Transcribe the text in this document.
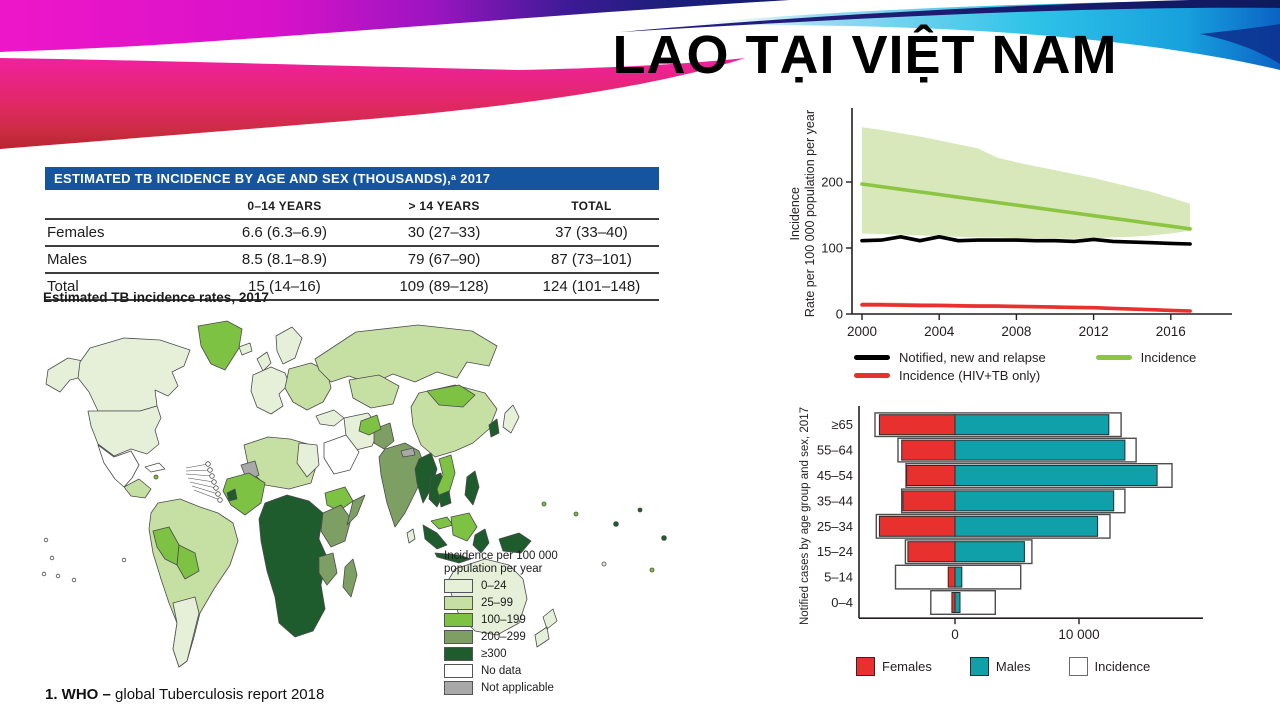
LAO TẠI VIỆT NAM
ESTIMATED TB INCIDENCE BY AGE AND SEX (THOUSANDS),ᵃ 2017
	0–14 YEARS	> 14 YEARS	TOTAL
Females	6.6 (6.3–6.9)	30 (27–33)	37 (33–40)
Males	8.5 (8.1–8.9)	79 (67–90)	87 (73–101)
Total	15 (14–16)	109 (89–128)	124 (101–148)
Estimated TB incidence rates, 2017
Incidence per 100 000
population per year
0–24
25–99
100–199
200–299
≥300
No data
Not applicable
Incidence Rate per 100 000 population per year 0
100
200
2000	2004	2008	2012	2016
Notified, new and relapse
	Incidence

Incidence (HIV+TB only)
Notified cases by age group and sex, 2017 ≥65
55–64
45–54
35–44
25–34
15–24
5–14
0–4
0	10 000
Females	Males	Incidence
1. WHO – global Tuberculosis report 2018
